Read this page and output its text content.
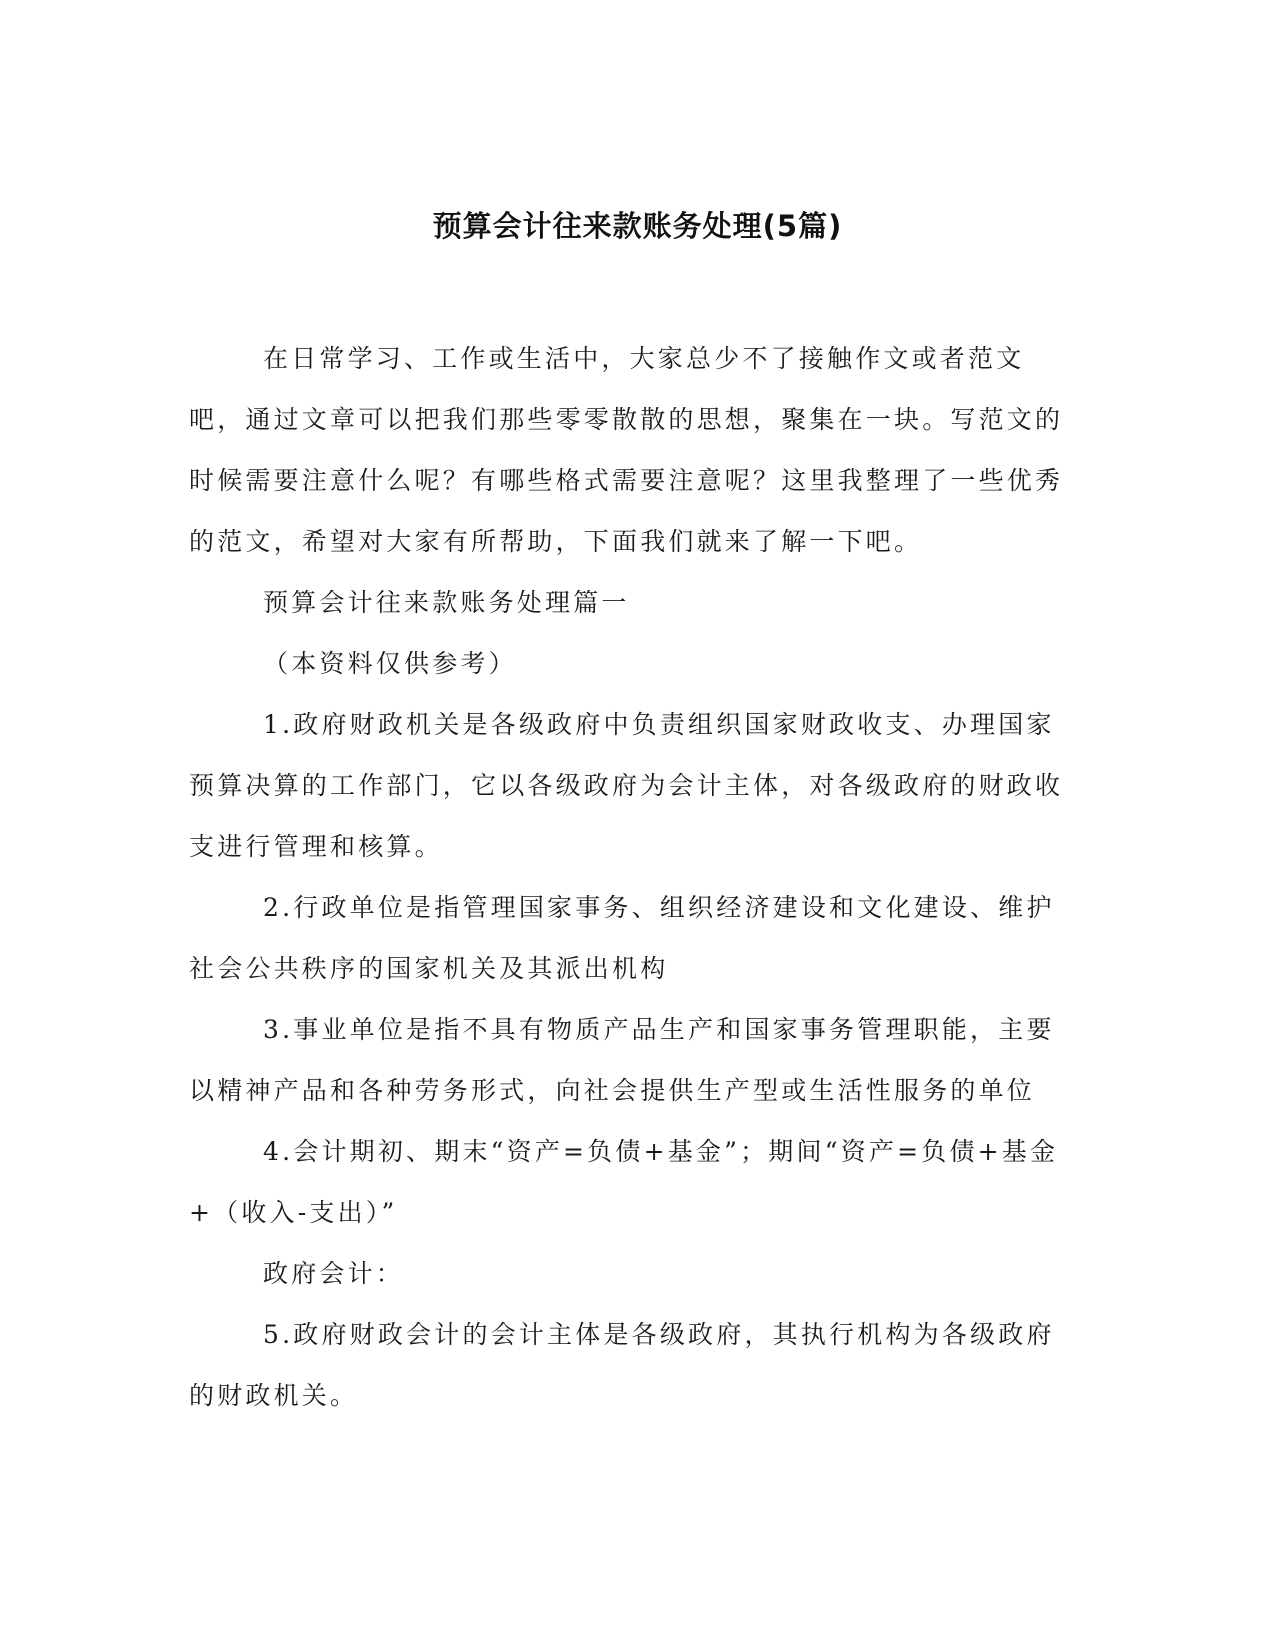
预算会计往来款账务处理(5篇)

在日常学习、工作或生活中，大家总少不了接触作文或者范文吧，通过文章可以把我们那些零零散散的思想，聚集在一块。写范文的时候需要注意什么呢？有哪些格式需要注意呢？这里我整理了一些优秀的范文，希望对大家有所帮助，下面我们就来了解一下吧。

预算会计往来款账务处理篇一

（本资料仅供参考）

1.政府财政机关是各级政府中负责组织国家财政收支、办理国家预算决算的工作部门，它以各级政府为会计主体，对各级政府的财政收支进行管理和核算。

2.行政单位是指管理国家事务、组织经济建设和文化建设、维护社会公共秩序的国家机关及其派出机构

3.事业单位是指不具有物质产品生产和国家事务管理职能，主要以精神产品和各种劳务形式，向社会提供生产型或生活性服务的单位

4.会计期初、期末“资产=负债+基金”；期间“资产=负债+基金+（收入-支出）”

政府会计：

5.政府财政会计的会计主体是各级政府，其执行机构为各级政府的财政机关。
